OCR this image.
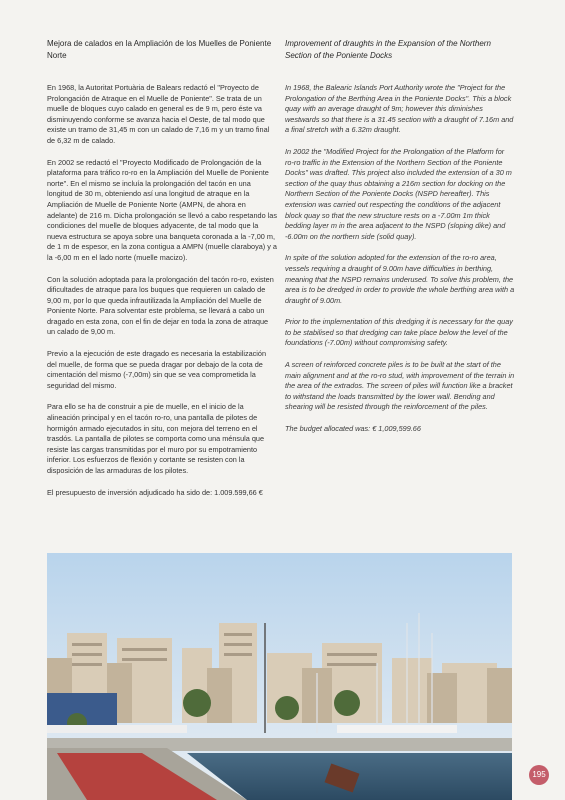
Mejora de calados en la Ampliación de los Muelles de Poniente Norte

En 1968, la Autoritat Portuària de Balears redactó el "Proyecto de Prolongación de Atraque en el Muelle de Poniente". Se trata de un muelle de bloques cuyo calado en general es de 9 m, pero éste va disminuyendo conforme se avanza hacia el Oeste, de tal modo que existe un tramo de 31,45 m con un calado de 7,16 m y un tramo final de 6,32 m de calado.

En 2002 se redactó el "Proyecto Modificado de Prolongación de la plataforma para tráfico ro-ro en la Ampliación del Muelle de Poniente norte". En el mismo se incluía la prolongación del tacón en una longitud de 30 m, obteniendo así una longitud de atraque en la Ampliación de Muelle de Poniente Norte (AMPN, de ahora en adelante) de 216 m. Dicha prolongación se llevó a cabo respetando las condiciones del muelle de bloques adyacente, de tal modo que la nueva estructura se apoya sobre una banqueta coronada a la -7,00 m, de 1 m de espesor, en la zona contigua a AMPN (muelle claraboya) y a la -6,00 m en el lado norte (muelle macizo).

Con la solución adoptada para la prolongación del tacón ro-ro, existen dificultades de atraque para los buques que requieren un calado de 9,00 m, por lo que queda infrautilizada la Ampliación del Muelle de Poniente Norte. Para solventar este problema, se llevará a cabo un dragado en esta zona, con el fin de dejar en toda la zona de atraque un calado de 9,00 m.

Previo a la ejecución de este dragado es necesaria la estabilización del muelle, de forma que se pueda dragar por debajo de la cota de cimentación del mismo (-7,00m) sin que se vea comprometida la seguridad del mismo.

Para ello se ha de construir a pie de muelle, en el inicio de la alineación principal y en el tacón ro-ro, una pantalla de pilotes de hormigón armado ejecutados in situ, con mejora del terreno en el trasdós. La pantalla de pilotes se comporta como una ménsula que resiste las cargas transmitidas por el muro por su empotramiento inferior. Los esfuerzos de flexión y cortante se resisten con la disposición de las armaduras de los pilotes.

El presupuesto de inversión adjudicado ha sido de: 1.009.599,66 €

Improvement of draughts in the Expansion of the Northern Section of the Poniente Docks

In 1968, the Balearic Islands Port Authority wrote the "Project for the Prolongation of the Berthing Area in the Poniente Docks". This a block quay with an average draught of 9m; however this diminishes westwards so that there is a 31.45 section with a draught of 7.16m and a final stretch with a 6.32m draught.

In 2002 the "Modified Project for the Prolongation of the Platform for ro-ro traffic in the Extension of the Northern Section of the Poniente Docks" was drafted. This project also included the extension of a 30 m section of the quay thus obtaining a 216m section for docking on the Northern Section of the Poniente Docks (NSPD hereafter). This extension was carried out respecting the conditions of the adjacent block quay so that the new structure rests on a -7.00m 1m thick bedding layer m in the area adjacent to the NSPD (sloping dike) and -6.00m on the northern side (solid quay).

In spite of the solution adopted for the extension of the ro-ro area, vessels requiring a draught of 9.00m have difficulties in berthing, meaning that the NSPD remains underused. To solve this problem, the area is to be dredged in order to provide the whole berthing area with a draught of 9.00m.

Prior to the implementation of this dredging it is necessary for the quay to be stabilised so that dredging can take place below the level of the foundations (-7.00m) without compromising safety.

A screen of reinforced concrete piles is to be built at the start of the main alignment and at the ro-ro stud, with improvement of the terrain in the area of the extrados. The screen of piles will function like a bracket to withstand the loads transmitted by the lower wall. Bending and shearing will be resisted through the reinforcement of the piles.

The budget allocated was: € 1,009,599.66

195
